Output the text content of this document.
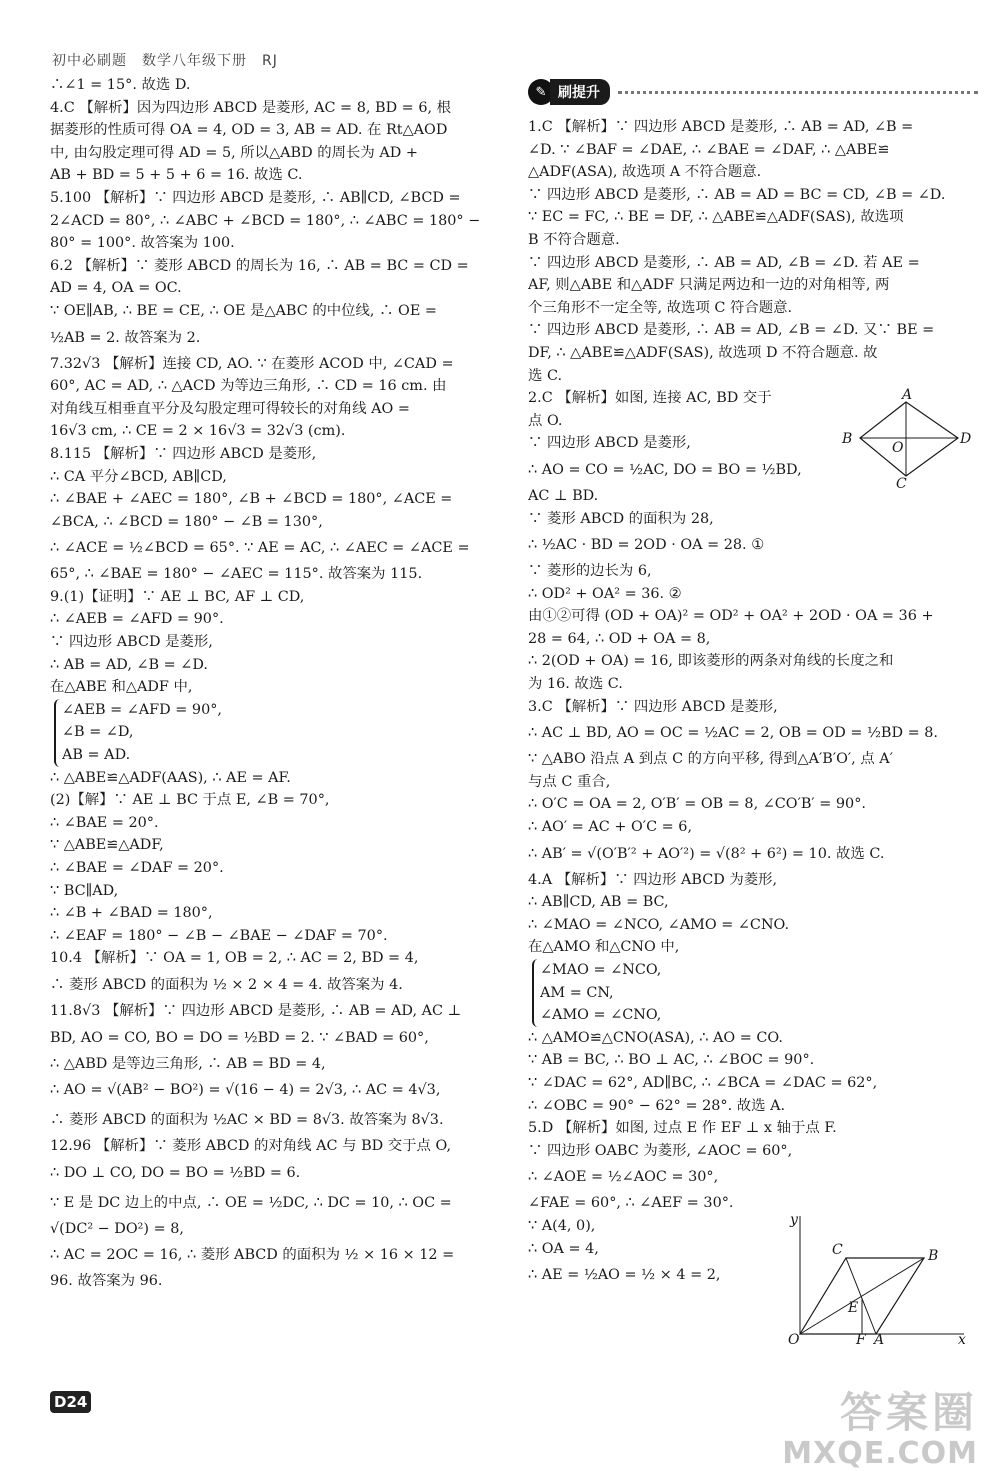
初中必刷题　数学八年级下册　RJ
✎ 刷提升
∴∠1 = 15°. 故选 D.
4.C 【解析】因为四边形 ABCD 是菱形, AC = 8, BD = 6, 根
据菱形的性质可得 OA = 4, OD = 3, AB = AD. 在 Rt△AOD
中, 由勾股定理可得 AD = 5, 所以△ABD 的周长为 AD +
AB + BD = 5 + 5 + 6 = 16. 故选 C.
5.100 【解析】∵ 四边形 ABCD 是菱形, ∴ AB∥CD, ∠BCD =
2∠ACD = 80°, ∴ ∠ABC + ∠BCD = 180°, ∴ ∠ABC = 180° −
80° = 100°. 故答案为 100.
6.2 【解析】∵ 菱形 ABCD 的周长为 16, ∴ AB = BC = CD =
AD = 4, OA = OC.
∵ OE∥AB, ∴ BE = CE, ∴ OE 是△ABC 的中位线, ∴ OE =
½AB = 2. 故答案为 2.
7.32√3 【解析】连接 CD, AO. ∵ 在菱形 ACOD 中, ∠CAD =
60°, AC = AD, ∴ △ACD 为等边三角形, ∴ CD = 16 cm. 由
对角线互相垂直平分及勾股定理可得较长的对角线 AO =
16√3 cm, ∴ CE = 2 × 16√3 = 32√3 (cm).
8.115 【解析】∵ 四边形 ABCD 是菱形,
∴ CA 平分∠BCD, AB∥CD,
∴ ∠BAE + ∠AEC = 180°, ∠B + ∠BCD = 180°, ∠ACE =
∠BCA, ∴ ∠BCD = 180° − ∠B = 130°,
∴ ∠ACE = ½∠BCD = 65°. ∵ AE = AC, ∴ ∠AEC = ∠ACE =
65°, ∴ ∠BAE = 180° − ∠AEC = 115°. 故答案为 115.
9.(1)【证明】∵ AE ⊥ BC, AF ⊥ CD,
∴ ∠AEB = ∠AFD = 90°.
∵ 四边形 ABCD 是菱形,
∴ AB = AD, ∠B = ∠D.
在△ABE 和△ADF 中,
∠AEB = ∠AFD = 90°,
∠B = ∠D,
AB = AD.
∴ △ABE≌△ADF(AAS), ∴ AE = AF.
(2)【解】∵ AE ⊥ BC 于点 E, ∠B = 70°,
∴ ∠BAE = 20°.
∵ △ABE≌△ADF,
∴ ∠BAE = ∠DAF = 20°.
∵ BC∥AD,
∴ ∠B + ∠BAD = 180°,
∴ ∠EAF = 180° − ∠B − ∠BAE − ∠DAF = 70°.
10.4 【解析】∵ OA = 1, OB = 2, ∴ AC = 2, BD = 4,
∴ 菱形 ABCD 的面积为 ½ × 2 × 4 = 4. 故答案为 4.
11.8√3 【解析】∵ 四边形 ABCD 是菱形, ∴ AB = AD, AC ⊥
BD, AO = CO, BO = DO = ½BD = 2. ∵ ∠BAD = 60°,
∴ △ABD 是等边三角形, ∴ AB = BD = 4,
∴ AO = √(AB² − BO²) = √(16 − 4) = 2√3, ∴ AC = 4√3,
∴ 菱形 ABCD 的面积为 ½AC × BD = 8√3. 故答案为 8√3.
12.96 【解析】∵ 菱形 ABCD 的对角线 AC 与 BD 交于点 O,
∴ DO ⊥ CO, DO = BO = ½BD = 6.
∵ E 是 DC 边上的中点, ∴ OE = ½DC, ∴ DC = 10, ∴ OC =
√(DC² − DO²) = 8,
∴ AC = 2OC = 16, ∴ 菱形 ABCD 的面积为 ½ × 16 × 12 =
96. 故答案为 96.
1.C 【解析】∵ 四边形 ABCD 是菱形, ∴ AB = AD, ∠B =
∠D. ∵ ∠BAF = ∠DAE, ∴ ∠BAE = ∠DAF, ∴ △ABE≌
△ADF(ASA), 故选项 A 不符合题意.
∵ 四边形 ABCD 是菱形, ∴ AB = AD = BC = CD, ∠B = ∠D.
∵ EC = FC, ∴ BE = DF, ∴ △ABE≌△ADF(SAS), 故选项
B 不符合题意.
∵ 四边形 ABCD 是菱形, ∴ AB = AD, ∠B = ∠D. 若 AE =
AF, 则△ABE 和△ADF 只满足两边和一边的对角相等, 两
个三角形不一定全等, 故选项 C 符合题意.
∵ 四边形 ABCD 是菱形, ∴ AB = AD, ∠B = ∠D. 又∵ BE =
DF, ∴ △ABE≌△ADF(SAS), 故选项 D 不符合题意. 故
选 C.
2.C 【解析】如图, 连接 AC, BD 交于
点 O.
∵ 四边形 ABCD 是菱形,
∴ AO = CO = ½AC, DO = BO = ½BD,
AC ⊥ BD.
∵ 菱形 ABCD 的面积为 28,
∴ ½AC · BD = 2OD · OA = 28. ①
∵ 菱形的边长为 6,
∴ OD² + OA² = 36. ②
由①②可得 (OD + OA)² = OD² + OA² + 2OD · OA = 36 +
28 = 64, ∴ OD + OA = 8,
∴ 2(OD + OA) = 16, 即该菱形的两条对角线的长度之和
为 16. 故选 C.
3.C 【解析】∵ 四边形 ABCD 是菱形,
∴ AC ⊥ BD, AO = OC = ½AC = 2, OB = OD = ½BD = 8.
∵ △ABO 沿点 A 到点 C 的方向平移, 得到△A′B′O′, 点 A′
与点 C 重合,
∴ O′C = OA = 2, O′B′ = OB = 8, ∠CO′B′ = 90°.
∴ AO′ = AC + O′C = 6,
∴ AB′ = √(O′B′² + AO′²) = √(8² + 6²) = 10. 故选 C.
4.A 【解析】∵ 四边形 ABCD 为菱形,
∴ AB∥CD, AB = BC,
∴ ∠MAO = ∠NCO, ∠AMO = ∠CNO.
在△AMO 和△CNO 中,
∠MAO = ∠NCO,
AM = CN,
∠AMO = ∠CNO,
∴ △AMO≌△CNO(ASA), ∴ AO = CO.
∵ AB = BC, ∴ BO ⊥ AC, ∴ ∠BOC = 90°.
∵ ∠DAC = 62°, AD∥BC, ∴ ∠BCA = ∠DAC = 62°,
∴ ∠OBC = 90° − 62° = 28°. 故选 A.
5.D 【解析】如图, 过点 E 作 EF ⊥ x 轴于点 F.
∵ 四边形 OABC 为菱形, ∠AOC = 60°,
∴ ∠AOE = ½∠AOC = 30°,
∠FAE = 60°, ∴ ∠AEF = 30°.
∵ A(4, 0),
∴ OA = 4,
∴ AE = ½AO = ½ × 4 = 2,
A
B
O
D
C
y
C	B
E
O	F A	x
D24	答案圈
MXQE.COM
